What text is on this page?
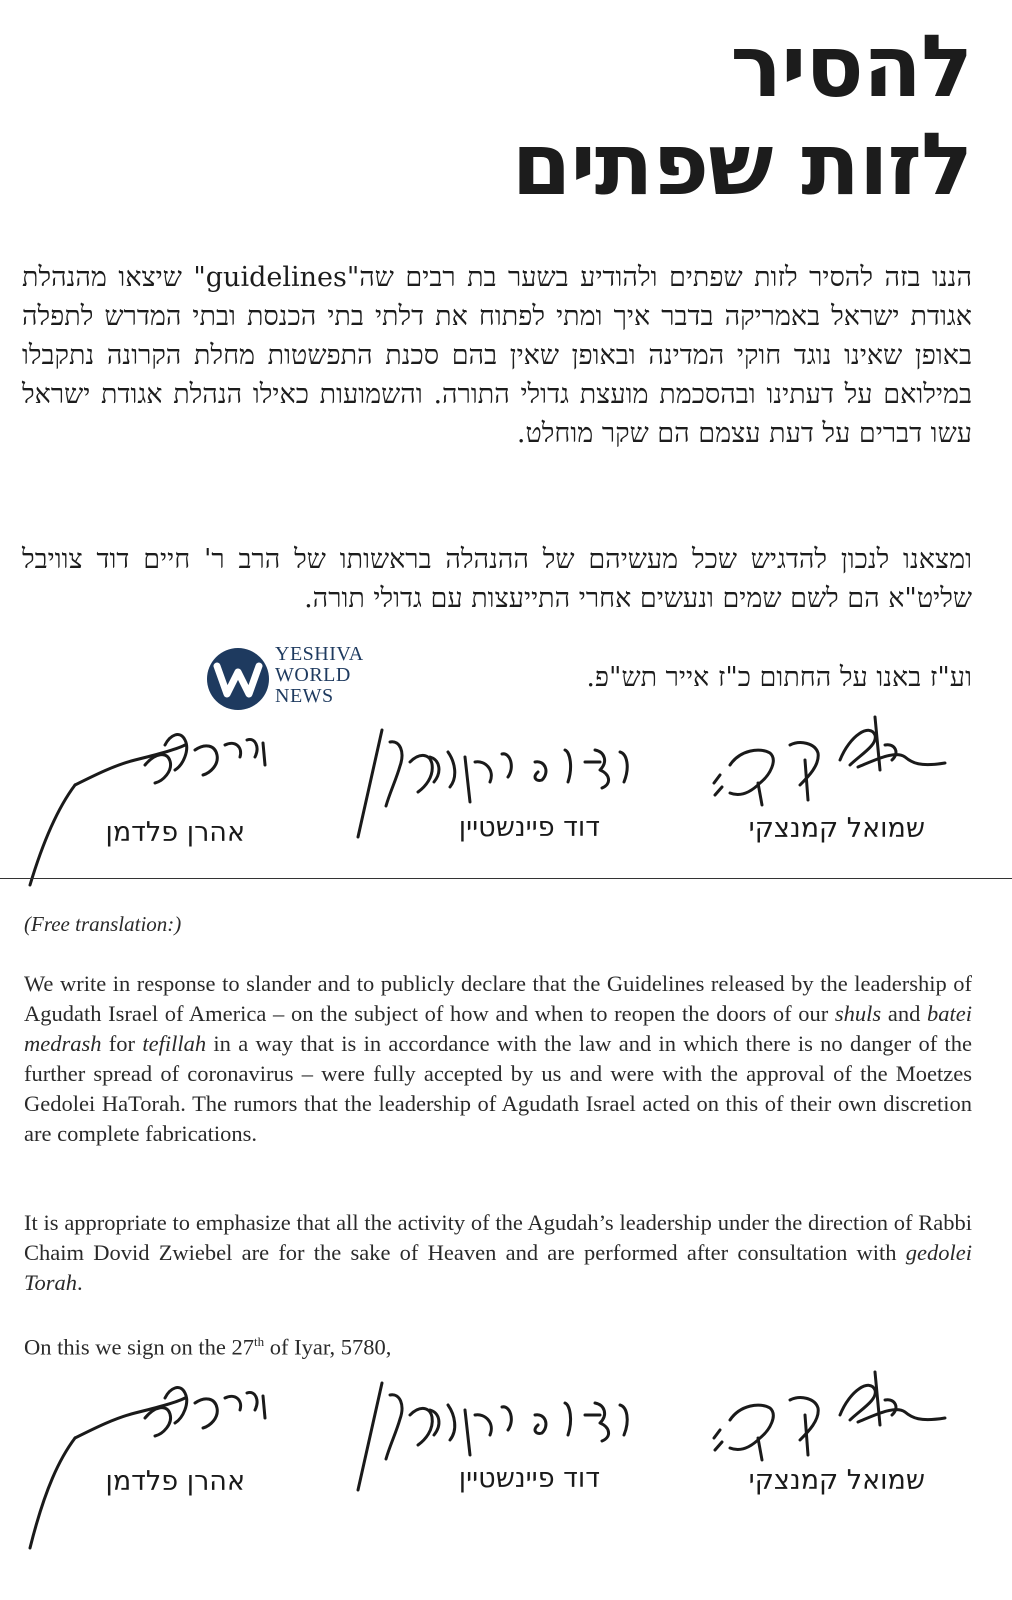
להסיר
לזות שפתים
הננו בזה להסיר לזות שפתים ולהודיע בשער בת רבים שה"guidelines" שיצאו מהנהלת אגודת ישראל באמריקה בדבר איך ומתי לפתוח את דלתי בתי הכנסת ובתי המדרש לתפלה באופן שאינו נוגד חוקי המדינה ובאופן שאין בהם סכנת התפשטות מחלת הקרונה נתקבלו במילואם על דעתינו ובהסכמת מועצת גדולי התורה. והשמועות כאילו הנהלת אגודת ישראל עשו דברים על דעת עצמם הם שקר מוחלט.
ומצאנו לנכון להדגיש שכל מעשיהם של ההנהלה בראשותו של הרב ר' חיים דוד צוויבל שליט"א הם לשם שמים ונעשים אחרי התייעצות עם גדולי תורה.
וע"ז באנו על החתום כ"ז אייר תש"פ.
YESHIVA
WORLD
NEWS
שמואל קמנצקי
דוד פיינשטיין
אהרן פלדמן
(Free translation:)
We write in response to slander and to publicly declare that the Guidelines released by the leadership of Agudath Israel of America – on the subject of how and when to reopen the doors of our shuls and batei medrash for tefillah in a way that is in accordance with the law and in which there is no danger of the further spread of coronavirus – were fully accepted by us and were with the approval of the Moetzes Gedolei HaTorah. The rumors that the leadership of Agudath Israel acted on this of their own discretion are complete fabrications.
It is appropriate to emphasize that all the activity of the Agudah’s leadership under the direction of Rabbi Chaim Dovid Zwiebel are for the sake of Heaven and are performed after consultation with gedolei Torah.
On this we sign on the 27th of Iyar, 5780,
שמואל קמנצקי
דוד פיינשטיין
אהרן פלדמן
